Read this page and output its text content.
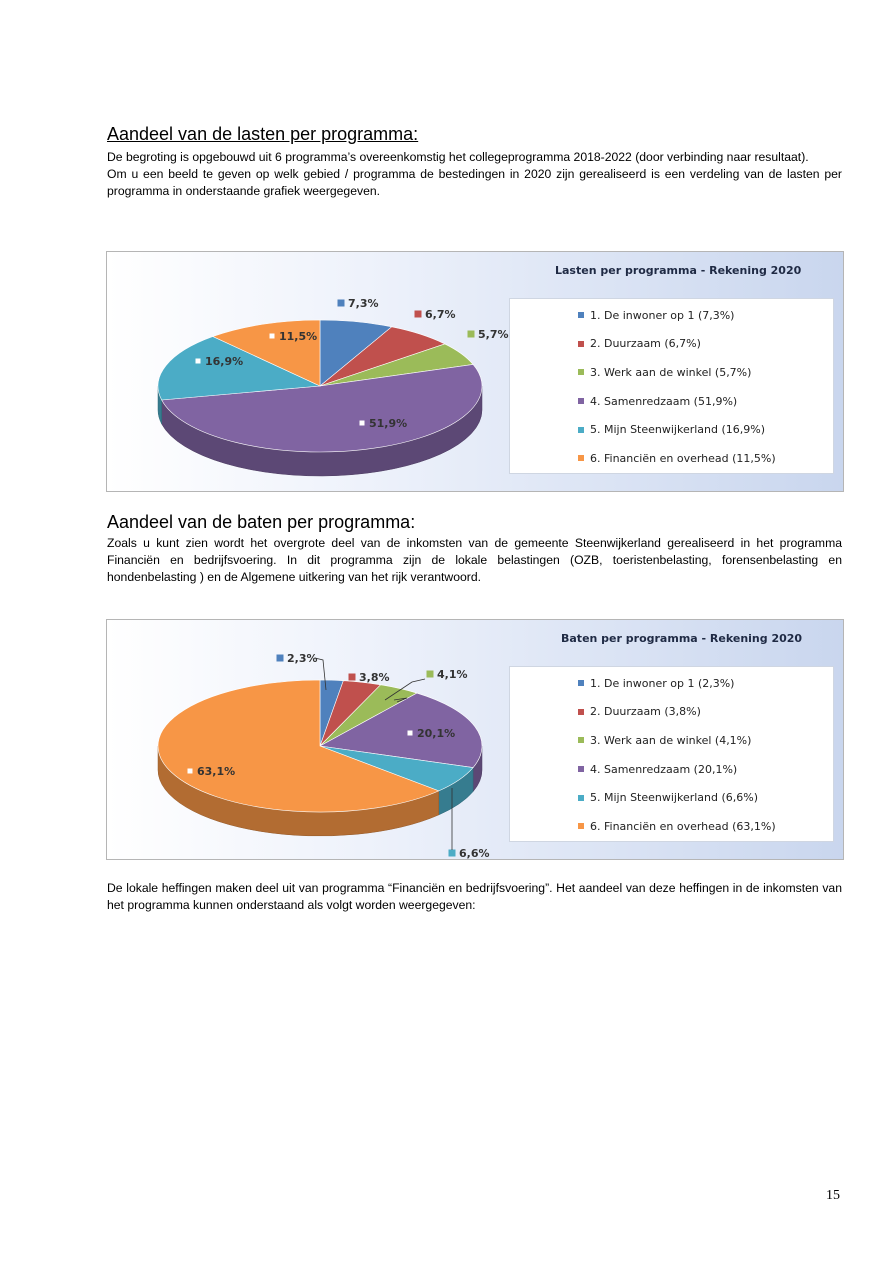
Aandeel van de lasten per programma:

De begroting is opgebouwd uit 6 programma’s overeenkomstig het collegeprogramma 2018-2022 (door verbinding naar resultaat).
Om u een beeld te geven op welk gebied / programma de bestedingen in 2020 zijn gerealiseerd is een verdeling van de lasten per programma in onderstaande grafiek weergegeven.

7,3%
6,7%
5,7%
51,9%
16,9%
11,5%
Lasten per programma - Rekening 2020
1. De inwoner op 1 (7,3%)
2. Duurzaam (6,7%)
3. Werk aan de winkel (5,7%)
4. Samenredzaam (51,9%)
5. Mijn Steenwijkerland (16,9%)
6. Financiën en overhead (11,5%)
Aandeel van de baten per programma:

Zoals u kunt zien wordt het overgrote deel van de inkomsten van de gemeente Steenwijkerland gerealiseerd in het programma Financiën en bedrijfsvoering. In dit programma zijn de lokale belastingen (OZB, toeristenbelasting, forensenbelasting en hondenbelasting ) en de Algemene uitkering van het rijk verantwoord.

2,3%
3,8%	4,1%
20,1%
6,6%
63,1%
Baten per programma - Rekening 2020
1. De inwoner op 1 (2,3%)
2. Duurzaam (3,8%)
3. Werk aan de winkel (4,1%)
4. Samenredzaam (20,1%)
5. Mijn Steenwijkerland (6,6%)
6. Financiën en overhead (63,1%)

De lokale heffingen maken deel uit van programma “Financiën en bedrijfsvoering”. Het aandeel van deze heffingen in de inkomsten van het programma kunnen onderstaand als volgt worden weergegeven:

15
